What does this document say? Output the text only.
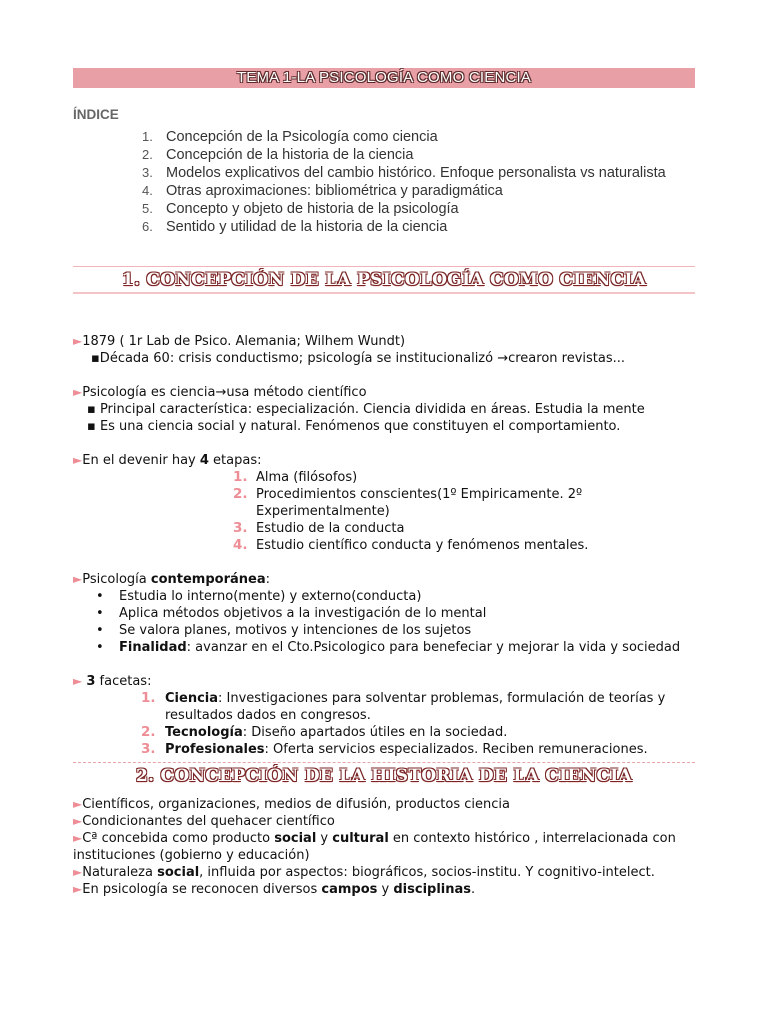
TEMA 1-LA PSICOLOGÍA COMO CIENCIA
ÍNDICE
1. Concepción de la Psicología como ciencia
2. Concepción de la historia de la ciencia
3. Modelos explicativos del cambio histórico. Enfoque personalista vs naturalista
4. Otras aproximaciones: bibliométrica y paradigmática
5. Concepto y objeto de historia de la psicología
6. Sentido y utilidad de la historia de la ciencia
1. CONCEPCIÓN DE LA PSICOLOGÍA COMO CIENCIA
►1879 ( 1r Lab de Psico. Alemania; Wilhem Wundt)
▪Década 60: crisis conductismo; psicología se institucionalizó →crearon revistas...
►Psicología es ciencia→usa método científico
▪ Principal característica: especialización. Ciencia dividida en áreas. Estudia la mente
▪ Es una ciencia social y natural. Fenómenos que constituyen el comportamiento.
►En el devenir hay 4 etapas:
1. Alma (filósofos)
2. Procedimientos conscientes(1º Empiricamente. 2º Experimentalmente)
3. Estudio de la conducta
4. Estudio científico conducta y fenómenos mentales.
►Psicología contemporánea:
• Estudia lo interno(mente) y externo(conducta)
• Aplica métodos objetivos a la investigación de lo mental
• Se valora planes, motivos y intenciones de los sujetos
• Finalidad: avanzar en el Cto.Psicologico para benefeciar y mejorar la vida y sociedad
► 3 facetas:
1. Ciencia: Investigaciones para solventar problemas, formulación de teorías y resultados dados en congresos.
2. Tecnología: Diseño apartados útiles en la sociedad.
3. Profesionales: Oferta servicios especializados. Reciben remuneraciones.
2. CONCEPCIÓN DE LA HISTORIA DE LA CIENCIA
►Científicos, organizaciones, medios de difusión, productos ciencia
►Condicionantes del quehacer científico
►Cª concebida como producto social y cultural en contexto histórico , interrelacionada con instituciones (gobierno y educación)
►Naturaleza social, influida por aspectos: biográficos, socios-institu. Y cognitivo-intelect.
►En psicología se reconocen diversos campos y disciplinas.
